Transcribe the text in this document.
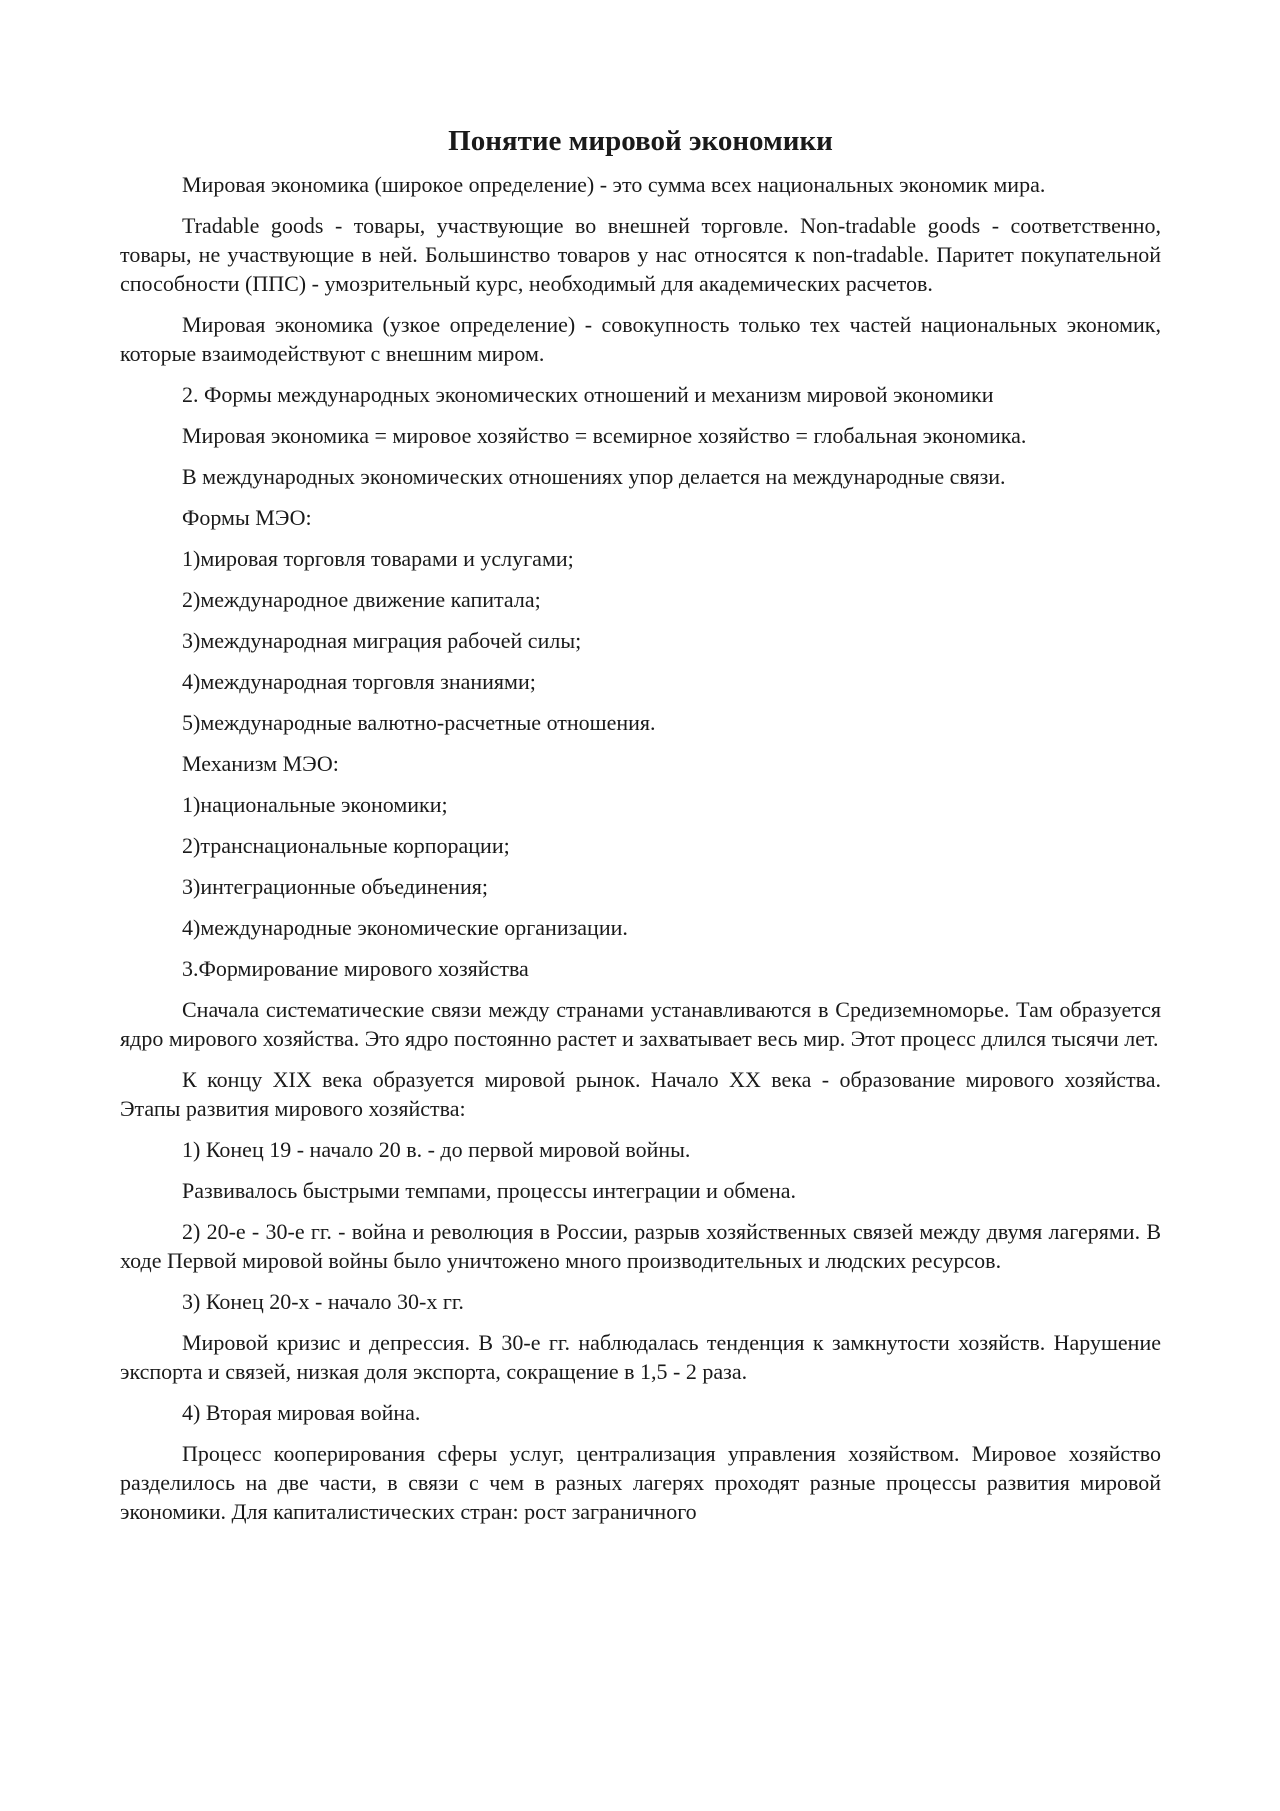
Понятие мировой экономики

Мировая экономика (широкое определение) - это сумма всех национальных экономик мира.

Tradable goods - товары, участвующие во внешней торговле. Non-tradable goods - соответственно, товары, не участвующие в ней. Большинство товаров у нас относятся к non-tradable. Паритет покупательной способности (ППС) - умозрительный курс, необходимый для академических расчетов.

Мировая экономика (узкое определение) - совокупность только тех частей национальных экономик, которые взаимодействуют с внешним миром.

2. Формы международных экономических отношений и механизм мировой экономики

Мировая экономика = мировое хозяйство = всемирное хозяйство = глобальная экономика.

В международных экономических отношениях упор делается на международные связи.

Формы МЭО:

1)мировая торговля товарами и услугами;

2)международное движение капитала;

3)международная миграция рабочей силы;

4)международная торговля знаниями;

5)международные валютно-расчетные отношения.

Механизм МЭО:

1)национальные экономики;

2)транснациональные корпорации;

3)интеграционные объединения;

4)международные экономические организации.

3.Формирование мирового хозяйства

Сначала систематические связи между странами устанавливаются в Средиземноморье. Там образуется ядро мирового хозяйства. Это ядро постоянно растет и захватывает весь мир. Этот процесс длился тысячи лет.

К концу XIX века образуется мировой рынок. Начало XX века - образование мирового хозяйства. Этапы развития мирового хозяйства:

1) Конец 19 - начало 20 в. - до первой мировой войны.

Развивалось быстрыми темпами, процессы интеграции и обмена.

2) 20-е - 30-е гг. - война и революция в России, разрыв хозяйственных связей между двумя лагерями. В ходе Первой мировой войны было уничтожено много производительных и людских ресурсов.

3) Конец 20-х - начало 30-х гг.

Мировой кризис и депрессия. В 30-е гг. наблюдалась тенденция к замкнутости хозяйств. Нарушение экспорта и связей, низкая доля экспорта, сокращение в 1,5 - 2 раза.

4) Вторая мировая война.

Процесс кооперирования сферы услуг, централизация управления хозяйством. Мировое хозяйство разделилось на две части, в связи с чем в разных лагерях проходят разные процессы развития мировой экономики. Для капиталистических стран: рост заграничного
